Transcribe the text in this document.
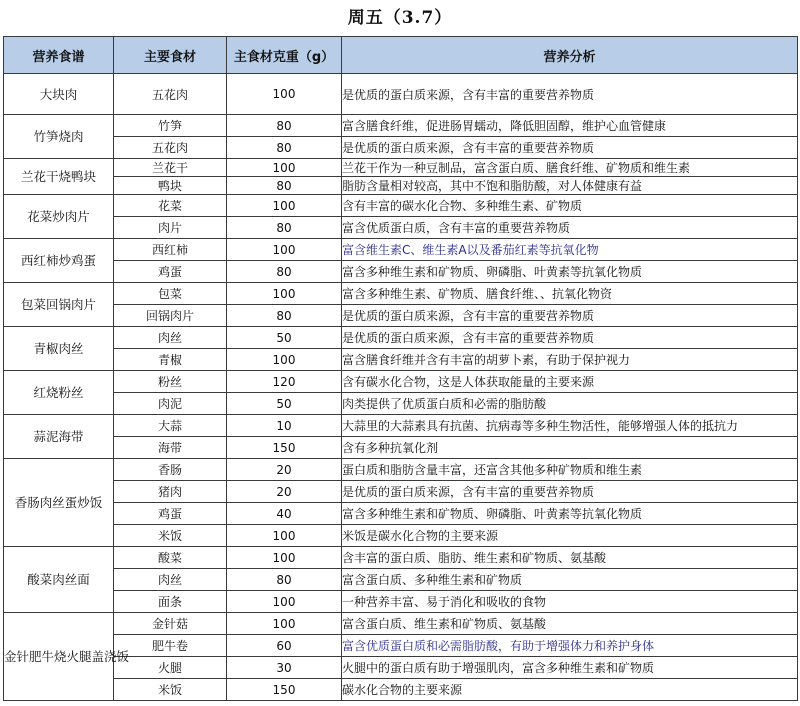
周五（3.7）
营养食谱	主要食材	主食材克重（g）	营养分析
大块肉	五花肉	100	是优质的蛋白质来源，含有丰富的重要营养物质
竹笋烧肉	竹笋	80	富含膳食纤维，促进肠胃蠕动，降低胆固醇，维护心血管健康
	五花肉	80	是优质的蛋白质来源，含有丰富的重要营养物质
兰花干烧鸭块	兰花干	100	兰花干作为一种豆制品，富含蛋白质、膳食纤维、矿物质和维生素
	鸭块	80	脂肪含量相对较高，其中不饱和脂肪酸，对人体健康有益
花菜炒肉片	花菜	100	含有丰富的碳水化合物、多种维生素、矿物质
	肉片	80	富含优质蛋白质，含有丰富的重要营养物质
西红柿炒鸡蛋	西红柿	100	富含维生素C、维生素A以及番茄红素等抗氧化物
	鸡蛋	80	富含多种维生素和矿物质、卵磷脂、叶黄素等抗氧化物质
包菜回锅肉片	包菜	100	富含多种维生素、矿物质、膳食纤维、、抗氧化物资
	回锅肉片	80	是优质的蛋白质来源，含有丰富的重要营养物质
青椒肉丝	肉丝	50	是优质的蛋白质来源，含有丰富的重要营养物质
	青椒	100	富含膳食纤维并含有丰富的胡萝卜素，有助于保护视力
红烧粉丝	粉丝	120	含有碳水化合物，这是人体获取能量的主要来源
	肉泥	50	肉类提供了优质蛋白质和必需的脂肪酸
蒜泥海带	大蒜	10	大蒜里的大蒜素具有抗菌、抗病毒等多种生物活性，能够增强人体的抵抗力
	海带	150	含有多种抗氧化剂
香肠肉丝蛋炒饭	香肠	20	蛋白质和脂肪含量丰富，还富含其他多种矿物质和维生素
	猪肉	20	是优质的蛋白质来源，含有丰富的重要营养物质
	鸡蛋	40	富含多种维生素和矿物质、卵磷脂、叶黄素等抗氧化物质
	米饭	100	米饭是碳水化合物的主要来源
酸菜肉丝面	酸菜	100	含丰富的蛋白质、脂肪、维生素和矿物质、氨基酸
	肉丝	80	富含蛋白质、多种维生素和矿物质
	面条	100	一种营养丰富、易于消化和吸收的食物
金针肥牛烧火腿盖浇饭	金针菇	100	富含蛋白质、维生素和矿物质、氨基酸
	肥牛卷	60	富含优质蛋白质和必需脂肪酸，有助于增强体力和养护身体
	火腿	30	火腿中的蛋白质有助于增强肌肉，富含多种维生素和矿物质
	米饭	150	碳水化合物的主要来源
